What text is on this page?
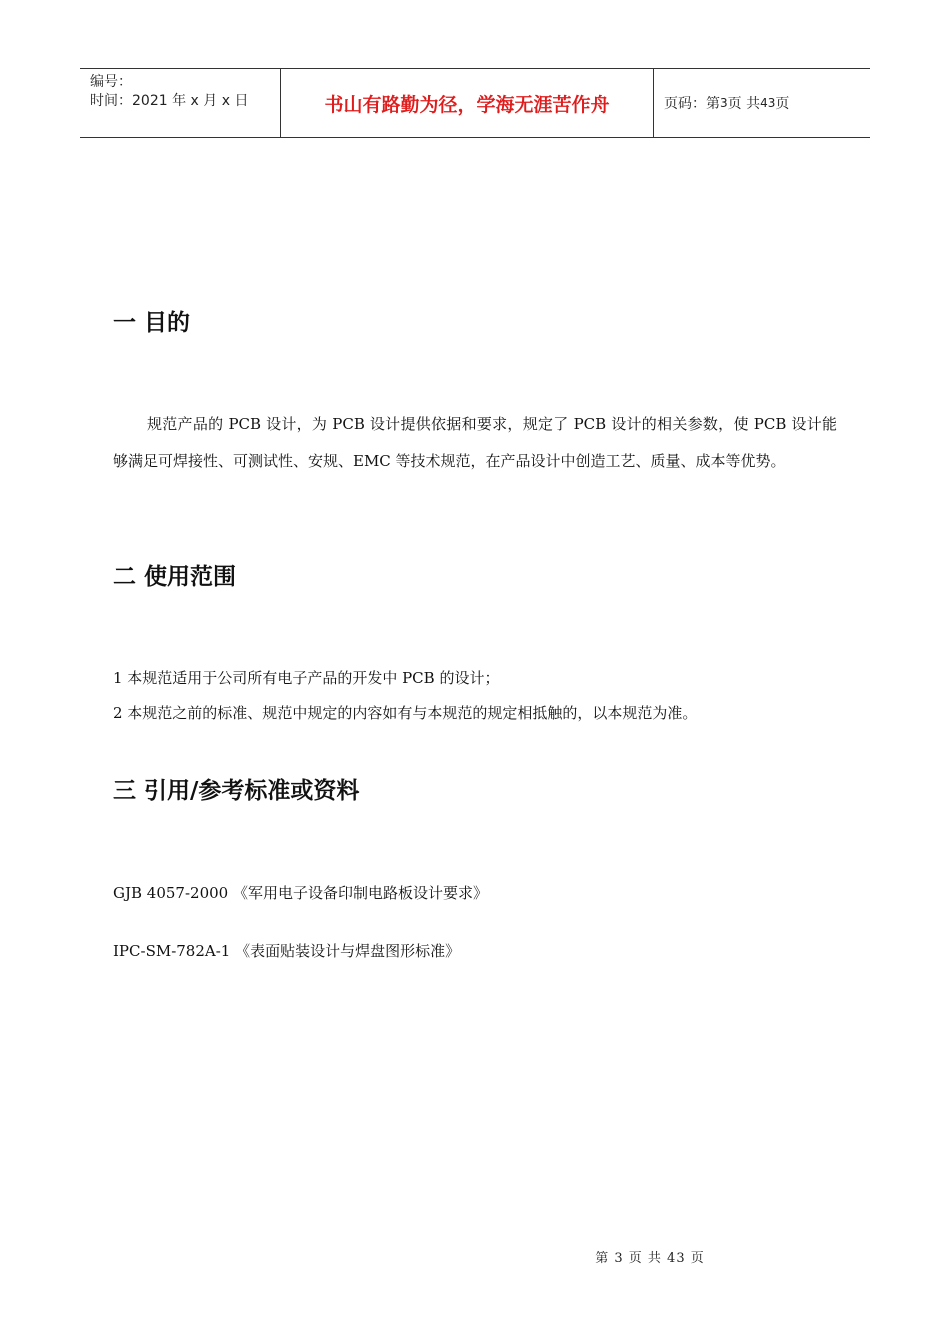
编号：
时间：2021 年 x 月 x 日	书山有路勤为径，学海无涯苦作舟	页码：第 3 页 共 43 页
一 目的
规范产品的 PCB 设计，为 PCB 设计提供依据和要求，规定了 PCB 设计的相关参数，使 PCB 设计能够满足可焊接性、可测试性、安规、EMC 等技术规范，在产品设计中创造工艺、质量、成本等优势。
二 使用范围
1 本规范适用于公司所有电子产品的开发中 PCB 的设计；
2 本规范之前的标准、规范中规定的内容如有与本规范的规定相抵触的，以本规范为准。
三 引用/参考标准或资料
GJB 4057-2000 《军用电子设备印制电路板设计要求》
IPC-SM-782A-1 《表面贴装设计与焊盘图形标准》
第 3 页 共 43 页
